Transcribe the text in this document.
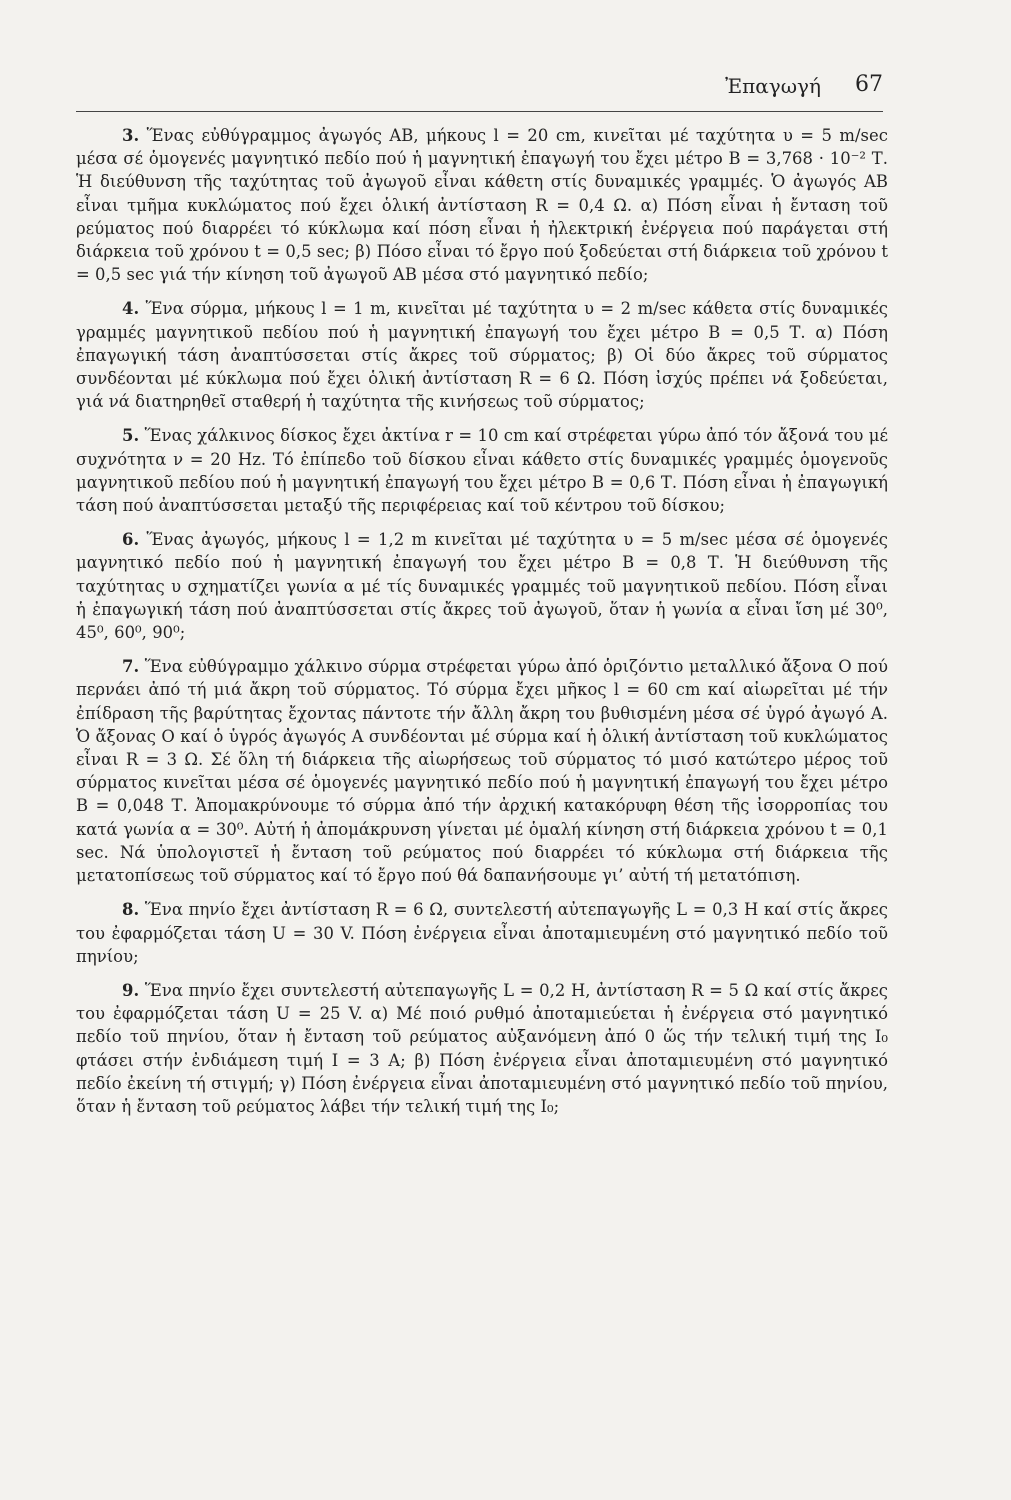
Ἐπαγωγή 67

3. Ἕνας εὐθύγραμμος ἀγωγός ΑΒ, μήκους l = 20 cm, κινεῖται μέ ταχύτητα υ = 5 m/sec μέσα σέ ὁμογενές μαγνητικό πεδίο πού ἡ μαγνητική ἐπαγωγή του ἔχει μέτρο Β = 3,768 · 10⁻² Τ. Ἡ διεύθυνση τῆς ταχύτητας τοῦ ἀγωγοῦ εἶναι κάθετη στίς δυναμικές γραμμές. Ὁ ἀγωγός ΑΒ εἶναι τμῆμα κυκλώματος πού ἔχει ὁλική ἀντίσταση R = 0,4 Ω. α) Πόση εἶναι ἡ ἔνταση τοῦ ρεύματος πού διαρρέει τό κύκλωμα καί πόση εἶναι ἡ ἠλεκτρική ἐνέργεια πού παράγεται στή διάρκεια τοῦ χρόνου t = 0,5 sec; β) Πόσο εἶναι τό ἔργο πού ξοδεύεται στή διάρκεια τοῦ χρόνου t = 0,5 sec γιά τήν κίνηση τοῦ ἀγωγοῦ ΑΒ μέσα στό μαγνητικό πεδίο;

4. Ἕνα σύρμα, μήκους l = 1 m, κινεῖται μέ ταχύτητα υ = 2 m/sec κάθετα στίς δυναμικές γραμμές μαγνητικοῦ πεδίου πού ἡ μαγνητική ἐπαγωγή του ἔχει μέτρο Β = 0,5 Τ. α) Πόση ἐπαγωγική τάση ἀναπτύσσεται στίς ἄκρες τοῦ σύρματος; β) Οἱ δύο ἄκρες τοῦ σύρματος συνδέονται μέ κύκλωμα πού ἔχει ὁλική ἀντίσταση R = 6 Ω. Πόση ἰσχύς πρέπει νά ξοδεύεται, γιά νά διατηρηθεῖ σταθερή ἡ ταχύτητα τῆς κινήσεως τοῦ σύρματος;

5. Ἕνας χάλκινος δίσκος ἔχει ἀκτίνα r = 10 cm καί στρέφεται γύρω ἀπό τόν ἄξονά του μέ συχνότητα ν = 20 Hz. Τό ἐπίπεδο τοῦ δίσκου εἶναι κάθετο στίς δυναμικές γραμμές ὁμογενοῦς μαγνητικοῦ πεδίου πού ἡ μαγνητική ἐπαγωγή του ἔχει μέτρο Β = 0,6 Τ. Πόση εἶναι ἡ ἐπαγωγική τάση πού ἀναπτύσσεται μεταξύ τῆς περιφέρειας καί τοῦ κέντρου τοῦ δίσκου;

6. Ἕνας ἀγωγός, μήκους l = 1,2 m κινεῖται μέ ταχύτητα υ = 5 m/sec μέσα σέ ὁμογενές μαγνητικό πεδίο πού ἡ μαγνητική ἐπαγωγή του ἔχει μέτρο Β = 0,8 Τ. Ἡ διεύθυνση τῆς ταχύτητας υ σχηματίζει γωνία α μέ τίς δυναμικές γραμμές τοῦ μαγνητικοῦ πεδίου. Πόση εἶναι ἡ ἐπαγωγική τάση πού ἀναπτύσσεται στίς ἄκρες τοῦ ἀγωγοῦ, ὅταν ἡ γωνία α εἶναι ἴση μέ 30⁰, 45⁰, 60⁰, 90⁰;

7. Ἕνα εὐθύγραμμο χάλκινο σύρμα στρέφεται γύρω ἀπό ὁριζόντιο μεταλλικό ἄξονα Ο πού περνάει ἀπό τή μιά ἄκρη τοῦ σύρματος. Τό σύρμα ἔχει μῆκος l = 60 cm καί αἰωρεῖται μέ τήν ἐπίδραση τῆς βαρύτητας ἔχοντας πάντοτε τήν ἄλλη ἄκρη του βυθισμένη μέσα σέ ὑγρό ἀγωγό Α. Ὁ ἄξονας Ο καί ὁ ὑγρός ἀγωγός Α συνδέονται μέ σύρμα καί ἡ ὁλική ἀντίσταση τοῦ κυκλώματος εἶναι R = 3 Ω. Σέ ὅλη τή διάρκεια τῆς αἰωρήσεως τοῦ σύρματος τό μισό κατώτερο μέρος τοῦ σύρματος κινεῖται μέσα σέ ὁμογενές μαγνητικό πεδίο πού ἡ μαγνητική ἐπαγωγή του ἔχει μέτρο Β = 0,048 Τ. Ἀπομακρύνουμε τό σύρμα ἀπό τήν ἀρχική κατακόρυφη θέση τῆς ἰσορροπίας του κατά γωνία α = 30⁰. Αὐτή ἡ ἀπομάκρυνση γίνεται μέ ὁμαλή κίνηση στή διάρκεια χρόνου t = 0,1 sec. Νά ὑπολογιστεῖ ἡ ἔνταση τοῦ ρεύματος πού διαρρέει τό κύκλωμα στή διάρκεια τῆς μετατοπίσεως τοῦ σύρματος καί τό ἔργο πού θά δαπανήσουμε γι’ αὐτή τή μετατόπιση.

8. Ἕνα πηνίο ἔχει ἀντίσταση R = 6 Ω, συντελεστή αὐτεπαγωγῆς L = 0,3 Η καί στίς ἄκρες του ἐφαρμόζεται τάση U = 30 V. Πόση ἐνέργεια εἶναι ἀποταμιευμένη στό μαγνητικό πεδίο τοῦ πηνίου;

9. Ἕνα πηνίο ἔχει συντελεστή αὐτεπαγωγῆς L = 0,2 Η, ἀντίσταση R = 5 Ω καί στίς ἄκρες του ἐφαρμόζεται τάση U = 25 V. α) Μέ ποιό ρυθμό ἀποταμιεύεται ἡ ἐνέργεια στό μαγνητικό πεδίο τοῦ πηνίου, ὅταν ἡ ἔνταση τοῦ ρεύματος αὐξανόμενη ἀπό 0 ὥς τήν τελική τιμή της I₀ φτάσει στήν ἐνδιάμεση τιμή I = 3 Α; β) Πόση ἐνέργεια εἶναι ἀποταμιευμένη στό μαγνητικό πεδίο ἐκείνη τή στιγμή; γ) Πόση ἐνέργεια εἶναι ἀποταμιευμένη στό μαγνητικό πεδίο τοῦ πηνίου, ὅταν ἡ ἔνταση τοῦ ρεύματος λάβει τήν τελική τιμή της I₀;
